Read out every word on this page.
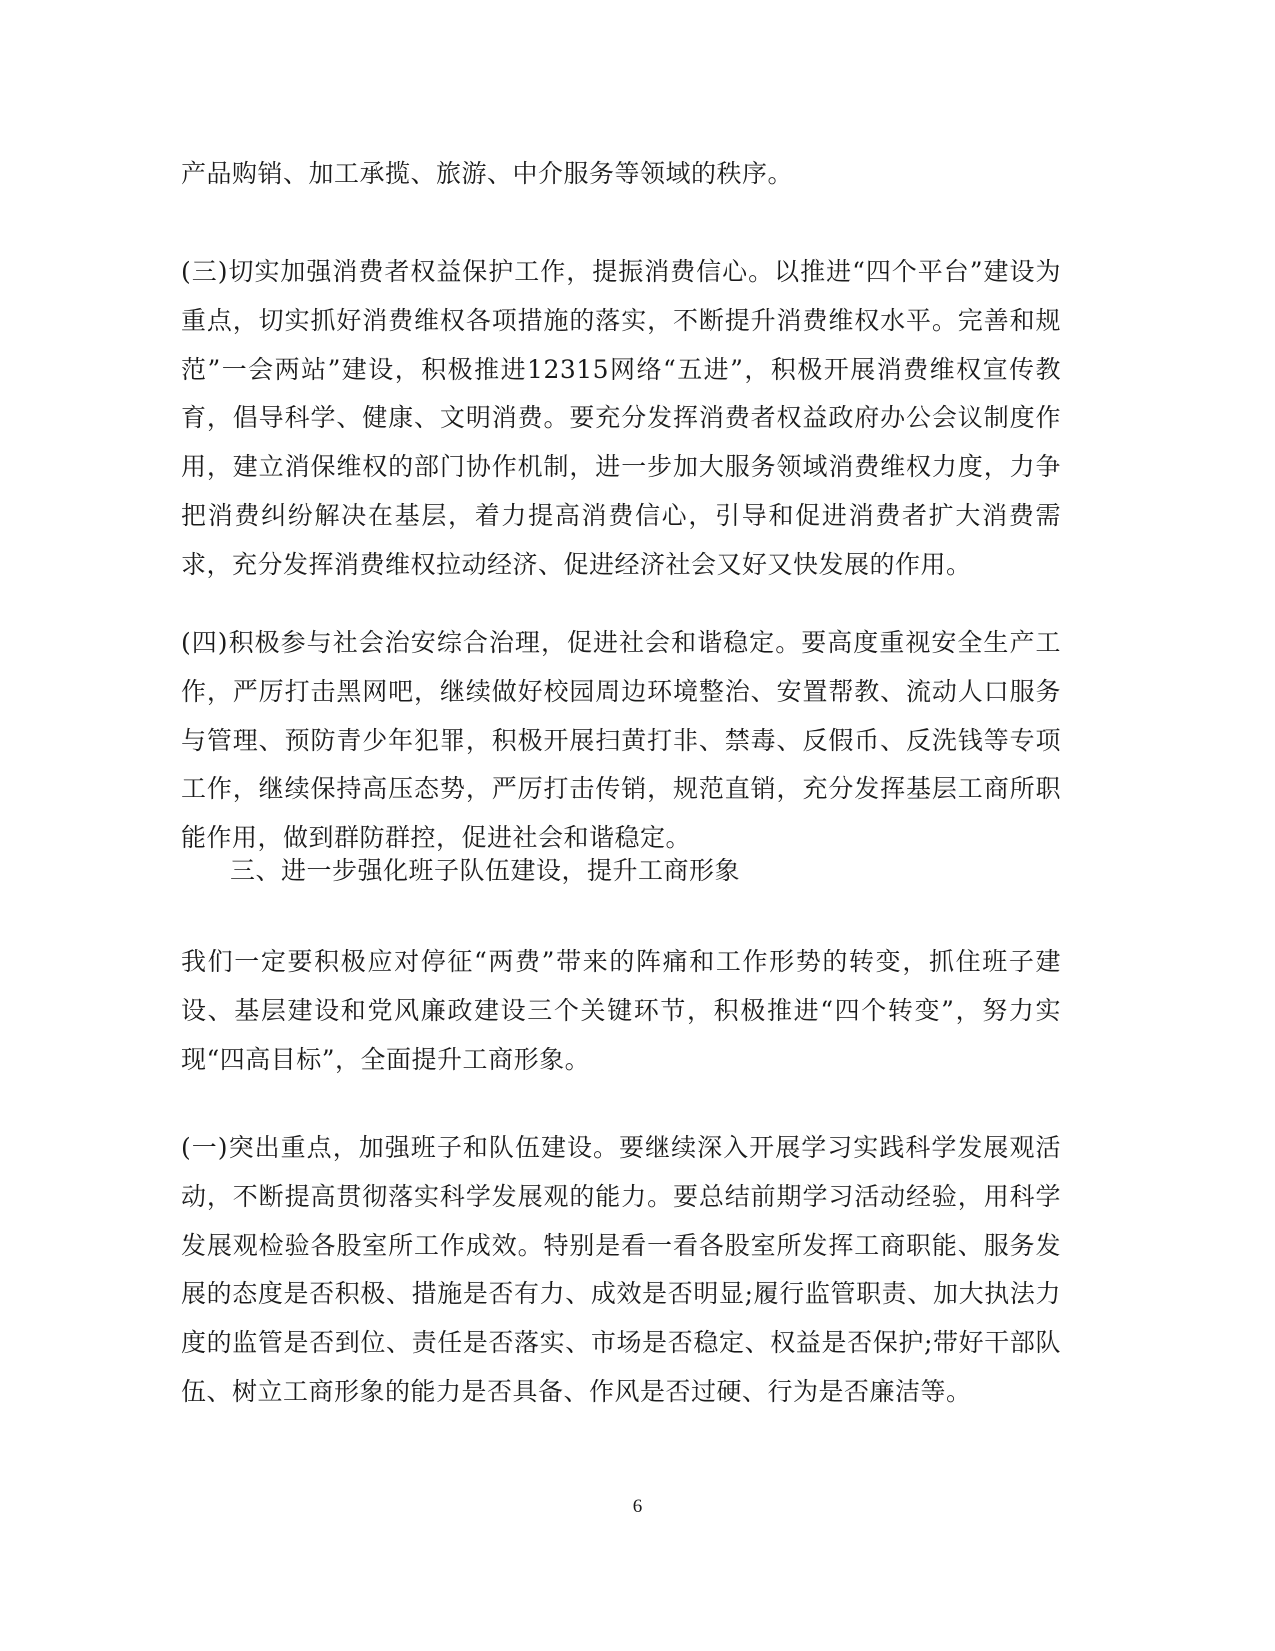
产品购销、加工承揽、旅游、中介服务等领域的秩序。
(三)切实加强消费者权益保护工作，提振消费信心。以推进“四个平台”建设为重点，切实抓好消费维权各项措施的落实，不断提升消费维权水平。完善和规范”一会两站”建设，积极推进12315网络“五进”，积极开展消费维权宣传教育，倡导科学、健康、文明消费。要充分发挥消费者权益政府办公会议制度作用，建立消保维权的部门协作机制，进一步加大服务领域消费维权力度，力争把消费纠纷解决在基层，着力提高消费信心，引导和促进消费者扩大消费需求，充分发挥消费维权拉动经济、促进经济社会又好又快发展的作用。
(四)积极参与社会治安综合治理，促进社会和谐稳定。要高度重视安全生产工作，严厉打击黑网吧，继续做好校园周边环境整治、安置帮教、流动人口服务与管理、预防青少年犯罪，积极开展扫黄打非、禁毒、反假币、反洗钱等专项工作，继续保持高压态势，严厉打击传销，规范直销，充分发挥基层工商所职能作用，做到群防群控，促进社会和谐稳定。
三、进一步强化班子队伍建设，提升工商形象
我们一定要积极应对停征“两费”带来的阵痛和工作形势的转变，抓住班子建设、基层建设和党风廉政建设三个关键环节，积极推进“四个转变”，努力实现“四高目标”，全面提升工商形象。
(一)突出重点，加强班子和队伍建设。要继续深入开展学习实践科学发展观活动，不断提高贯彻落实科学发展观的能力。要总结前期学习活动经验，用科学发展观检验各股室所工作成效。特别是看一看各股室所发挥工商职能、服务发展的态度是否积极、措施是否有力、成效是否明显;履行监管职责、加大执法力度的监管是否到位、责任是否落实、市场是否稳定、权益是否保护;带好干部队伍、树立工商形象的能力是否具备、作风是否过硬、行为是否廉洁等。
6
